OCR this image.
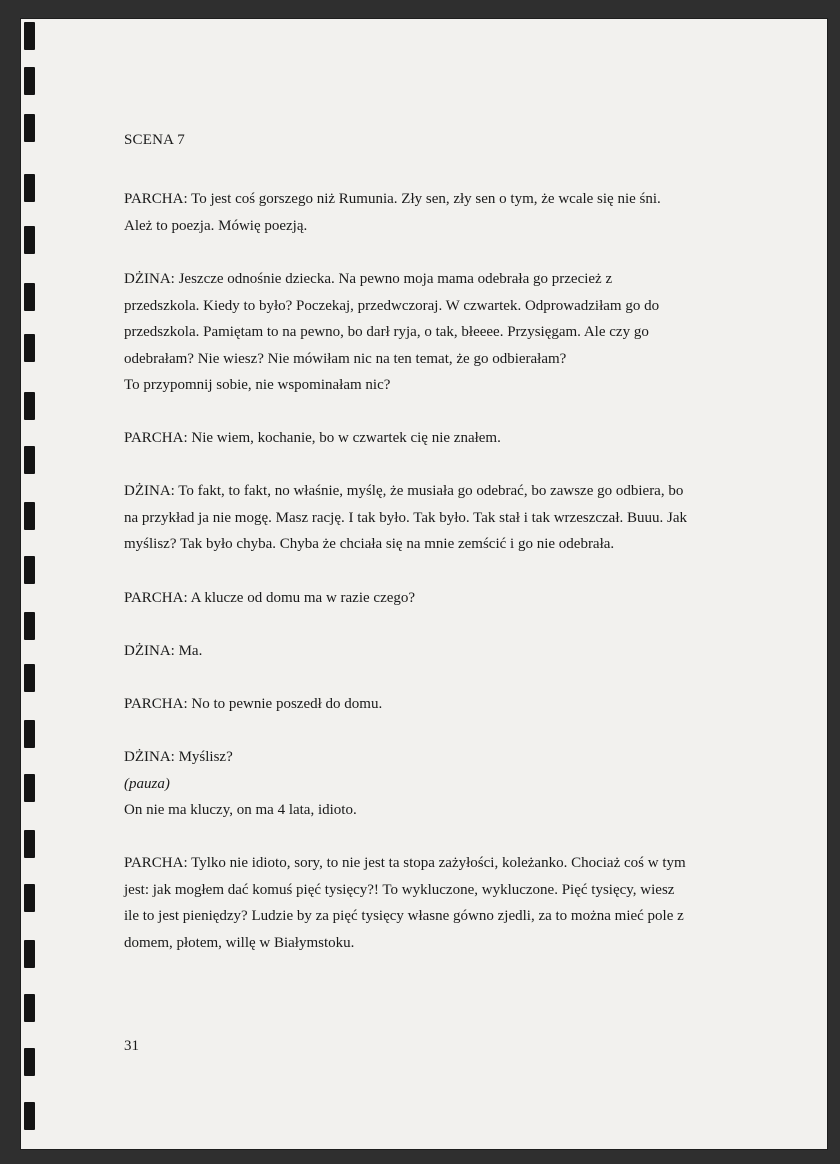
SCENA 7

PARCHA: To jest coś gorszego niż Rumunia. Zły sen, zły sen o tym, że wcale się nie śni.

Ależ to poezja. Mówię poezją.

DŻINA: Jeszcze odnośnie dziecka. Na pewno moja mama odebrała go przecież z

przedszkola. Kiedy to było? Poczekaj, przedwczoraj. W czwartek. Odprowadziłam go do

przedszkola. Pamiętam to na pewno, bo darł ryja, o tak, błeeee. Przysięgam. Ale czy go

odebrałam? Nie wiesz? Nie mówiłam nic na ten temat, że go odbierałam?

To przypomnij sobie, nie wspominałam nic?

PARCHA: Nie wiem, kochanie, bo w czwartek cię nie znałem.

DŻINA: To fakt, to fakt, no właśnie, myślę, że musiała go odebrać, bo zawsze go odbiera, bo

na przykład ja nie mogę. Masz rację. I tak było. Tak było. Tak stał i tak wrzeszczał. Buuu. Jak

myślisz? Tak było chyba. Chyba że chciała się na mnie zemścić i go nie odebrała.

PARCHA: A klucze od domu ma w razie czego?

DŻINA: Ma.

PARCHA: No to pewnie poszedł do domu.

DŻINA: Myślisz?

(pauza)

On nie ma kluczy, on ma 4 lata, idioto.

PARCHA: Tylko nie idioto, sory, to nie jest ta stopa zażyłości, koleżanko. Chociaż coś w tym

jest: jak mogłem dać komuś pięć tysięcy?! To wykluczone, wykluczone. Pięć tysięcy, wiesz

ile to jest pieniędzy? Ludzie by za pięć tysięcy własne gówno zjedli, za to można mieć pole z

domem, płotem, willę w Białymstoku.

31
